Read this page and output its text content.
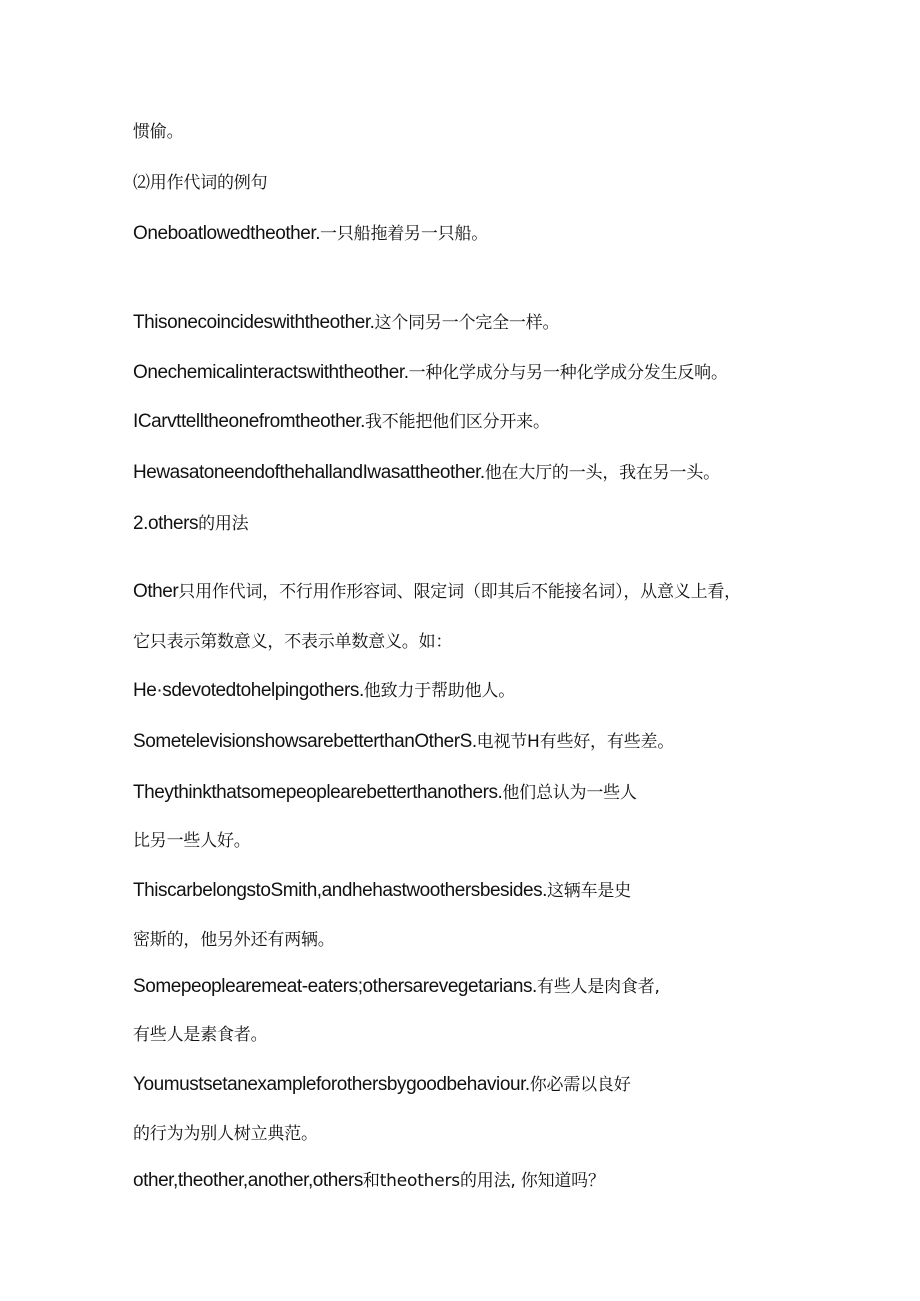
惯偷。
⑵用作代词的例句
Oneboatlowedtheother.一只船拖着另一只船。
Thisonecoincideswiththeother.这个同另一个完全一样。
Onechemicalinteractswiththeother.一种化学成分与另一种化学成分发生反响。
ICarvttelltheonefromtheother.我不能把他们区分开来。
HewasatoneendofthehallandIwasattheother.他在大厅的一头，我在另一头。
2.others的用法
Other只用作代词，不行用作形容词、限定词（即其后不能接名词），从意义上看，
它只表示第数意义，不表示单数意义。如：
He·sdevotedtohelpingothers.他致力于帮助他人。
SometelevisionshowsarebetterthanOtherS.电视节H有些好，有些差。
Theythinkthatsomepeoplearebetterthanothers.他们总认为一些人
比另一些人好。
ThiscarbelongstoSmith,andhehastwoothersbesides.这辆车是史
密斯的，他另外还有两辆。
Somepeoplearemeat-eaters;othersarevegetarians.有些人是肉食者,
有些人是素食者。
Youmustsetanexampleforothersbygoodbehaviour.你必需以良好
的行为为别人树立典范。
other,theother,another,others和theothers的用法, 你知道吗？
